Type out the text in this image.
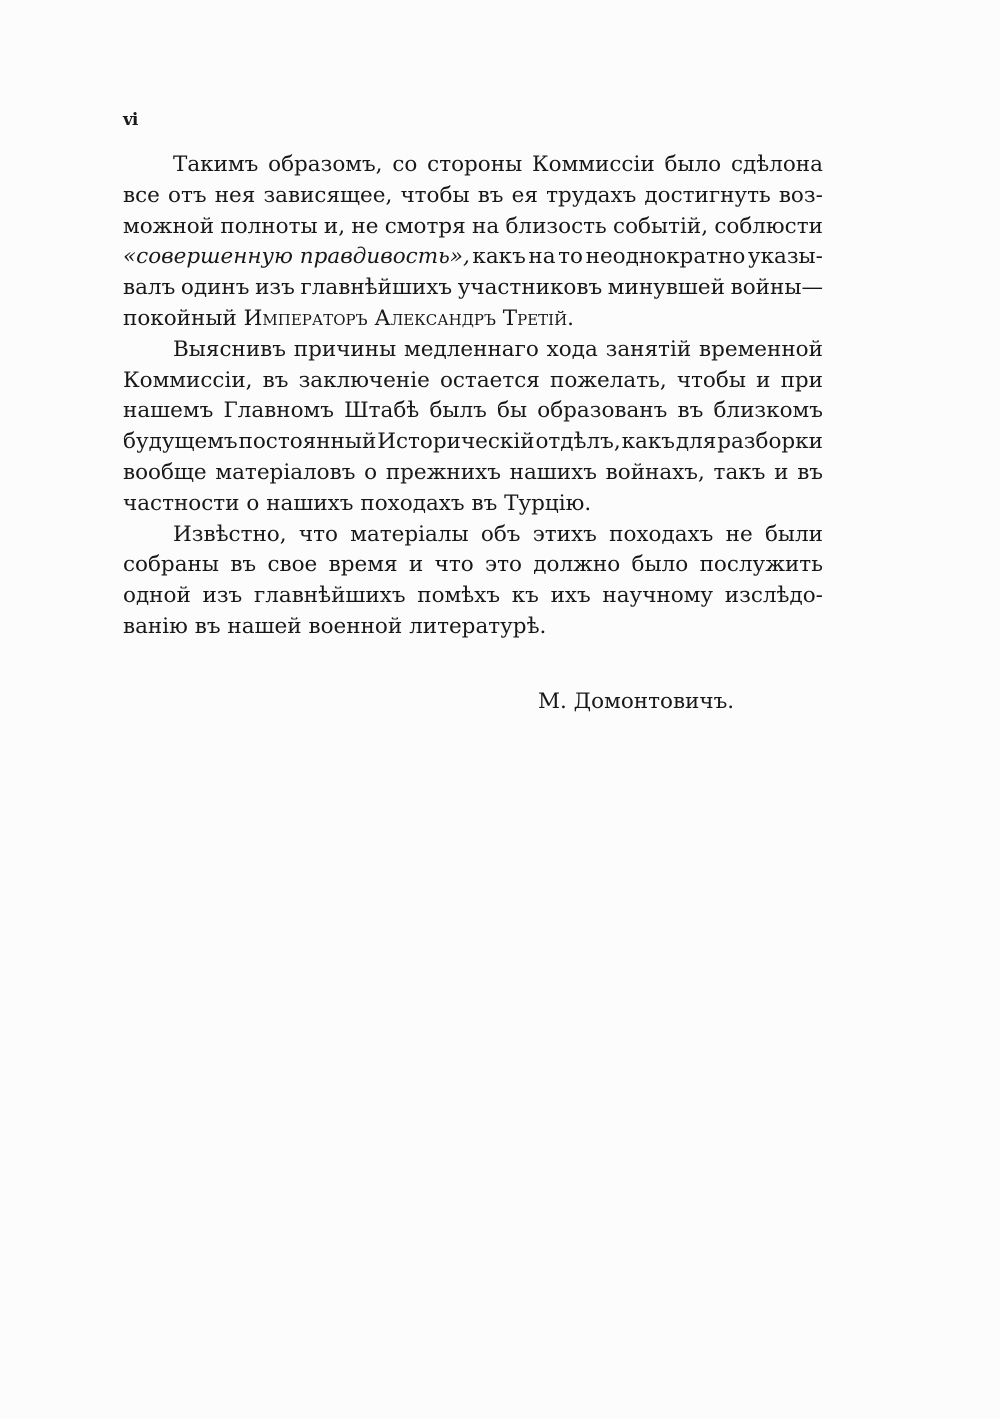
vi
Такимъ образомъ, со стороны Коммиссіи было сдѣлона
все отъ нея зависящее, чтобы въ ея трудахъ достигнуть воз-
можной полноты и, не смотря на близость событій, соблюсти
«совершенную правдивость», какъ на то неоднократно указы-
валъ одинъ изъ главнѣйшихъ участниковъ минувшей войны—
покойный Императоръ Александръ Третій.
Выяснивъ причины медленнаго хода занятій временной
Коммиссіи, въ заключеніе остается пожелать, чтобы и при
нашемъ Главномъ Штабѣ былъ бы образованъ въ близкомъ
будущемъ постоянный Историческій отдѣлъ, какъ для разборки
вообще матеріаловъ о прежнихъ нашихъ войнахъ, такъ и въ
частности о нашихъ походахъ въ Турцію.
Извѣстно, что матеріалы объ этихъ походахъ не были
собраны въ свое время и что это должно было послужить
одной изъ главнѣйшихъ помѣхъ къ ихъ научному изслѣдо-
ванію въ нашей военной литературѣ.
М. Домонтовичъ.
